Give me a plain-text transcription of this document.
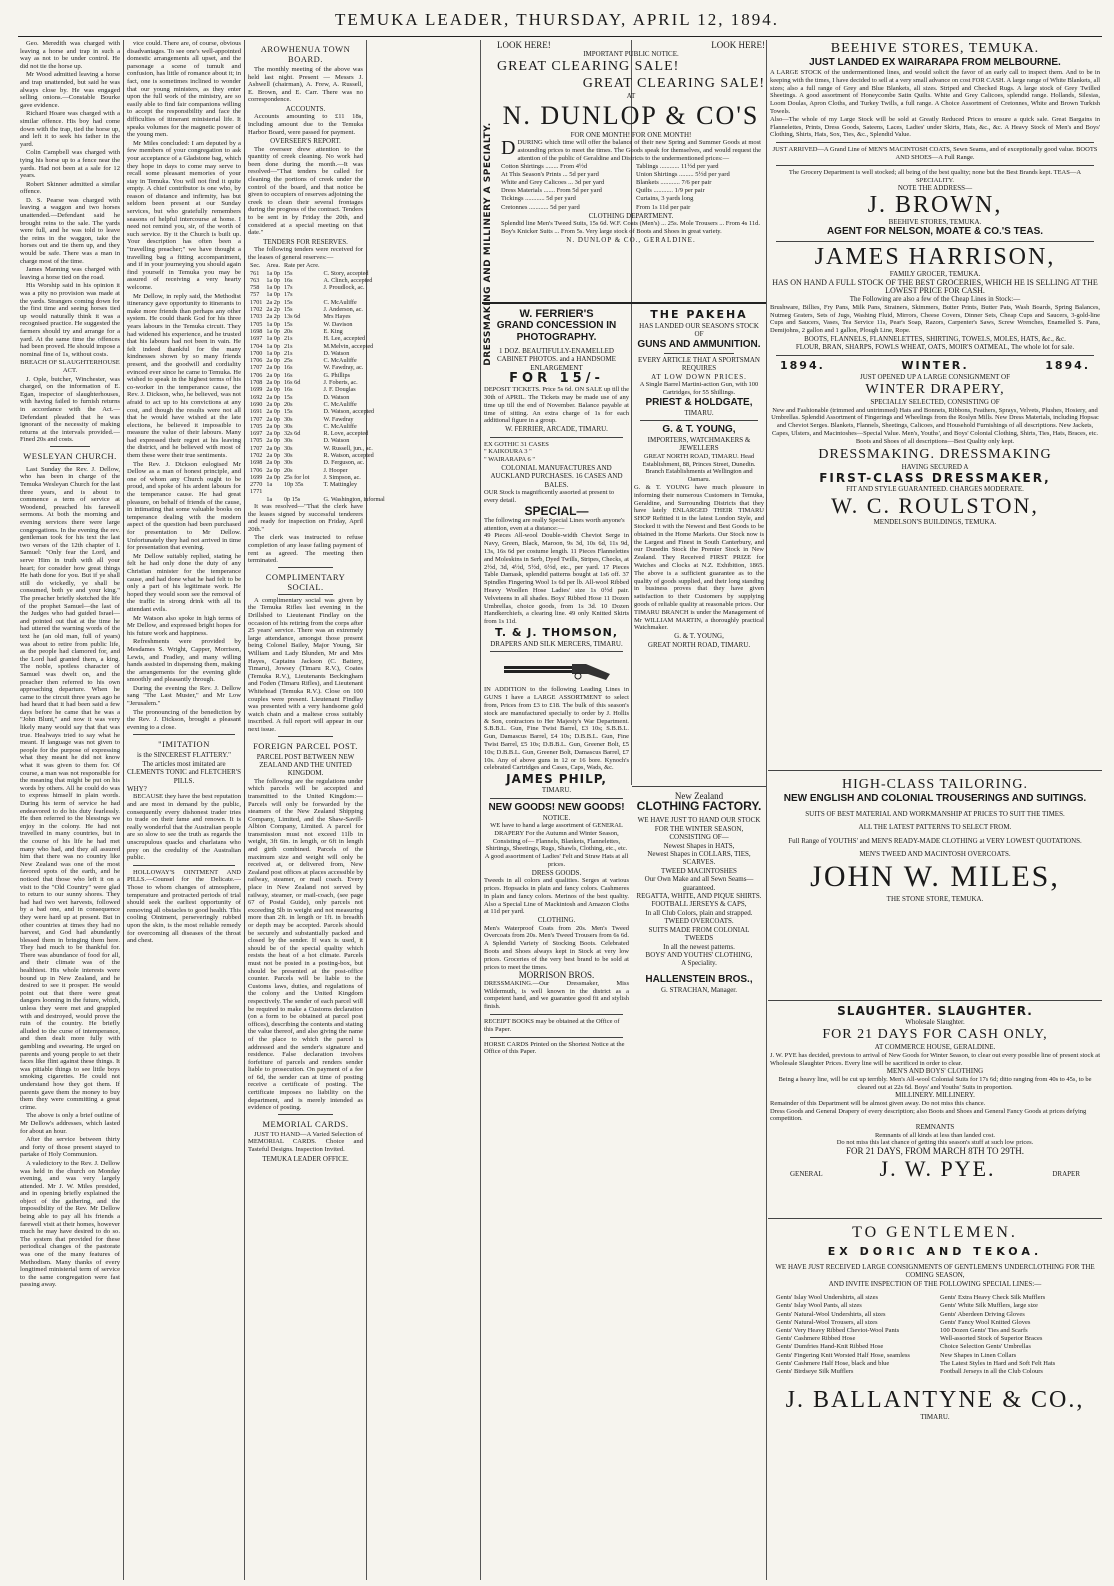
TEMUKA LEADER, THURSDAY, APRIL 12, 1894.

Geo. Meredith was charged with leaving a horse and trap in such a way as not to be under control. He did not tie the horse up.

Mr Wood admitted leaving a horse and trap unattended, but said he was always close by. He was engaged selling onions.—Constable Bourke gave evidence.

Richard Hoare was charged with a similar offence. His boy had come down with the trap, tied the horse up, and left it to seek his father in the yard.

Colin Campbell was charged with tying his horse up to a fence near the yards. Had not been at a sale for 12 years.

Robert Skinner admitted a similar offence.

D. S. Pearse was charged with leaving a waggon and two horses unattended.—Defendant said he brought reins to the sale. The yards were full, and he was told to leave the reins in the waggon, take the horses out and tie them up, and they would be safe. There was a man in charge most of the time.

James Manning was charged with leaving a horse tied on the road.

His Worship said in his opinion it was a pity no provision was made at the yards. Strangers coming down for the first time and seeing horses tied up would naturally think it was a recognised practice. He suggested the farmers should try and arrange for a yard. At the same time the offences had been proved. He should impose a nominal fine of 1s, without costs.

BREACH OF SLAUGHTERHOUSE ACT.

J. Ople, butcher, Winchester, was charged, on the information of E. Egan, inspector of slaughterhouses, with having failed to furnish returns in accordance with the Act.—Defendant pleaded that he was ignorant of the necessity of making returns at the intervals provided.—Fined 20s and costs.

WESLEYAN CHURCH.

Last Sunday the Rev. J. Dellow, who has been in charge of the Temuka Wesleyan Church for the last three years, and is about to commence a term of service at Woodend, preached his farewell sermons. At both the morning and evening services there were large congregations. In the evening the rev. gentleman took for his text the last two verses of the 12th chapter of I. Samuel: "Only fear the Lord, and serve Him in truth with all your heart; for consider how great things He hath done for you. But if ye shall still do wickedly, ye shall be consumed, both ye and your king." The preacher briefly sketched the life of the prophet Samuel—the last of the Judges who had guided Israel—and pointed out that at the time he had uttered the warning words of the text he (an old man, full of years) was about to retire from public life, as the people had clamored for, and the Lord had granted them, a king. The noble, spotless character of Samuel was dwelt on, and the preacher then referred to his own approaching departure. When he came to the circuit three years ago he had heard that it had been said a few days before he came that he was a "John Blunt," and now it was very likely many would say that that was true. Healways tried to say what he meant. If language was not given to people for the purpose of expressing what they meant he did not know what it was given to them for. Of course, a man was not responsible for the meaning that might be put on his words by others. All he could do was to express himself in plain words. During his term of service he had endeavored to do his duty fearlessly. He then referred to the blessings we enjoy in the colony. He had not travelled in many countries, but in the course of his life he had met many who had, and they all assured him that there was no country like New Zealand was one of the most favored spots of the earth, and he noticed that those who left it on a visit to the "Old Country" were glad to return to our sunny shores. They had had two wet harvests, followed by a bad one, and in consequence they were hard up at present. But in other countries at times they had no harvest, and God had abundantly blessed them in bringing them here. They had much to be thankful for. There was abundance of food for all, and their climate was of the healthiest. His whole interests were bound up in New Zealand, and he desired to see it prosper. He would point out that there were great dangers looming in the future, which, unless they were met and grappled with and destroyed, would prove the ruin of the country. He briefly alluded to the curse of intemperance, and then dealt more fully with gambling and swearing. He urged on parents and young people to set their faces like flint against these things. It was pitiable things to see little boys smoking cigarettes. He could not understand how they got them. If parents gave them the money to buy them they were committing a great crime.

The above is only a brief outline of Mr Dellow's addresses, which lasted for about an hour.

After the service between thirty and forty of those present stayed to partake of Holy Communion.

A valedictory to the Rev. J. Dellow was held in the church on Monday evening, and was very largely attended. Mr J. W. Miles presided, and in opening briefly explained the object of the gathering, and the impossibility of the Rev. Mr Dellow being able to pay all his friends a farewell visit at their homes, however much he may have desired to do so. The system that provided for these periodical changes of the pastorate was one of the many features of Methodism. Many thanks of every longtimed ministerial term of service to the same congregation were fast passing away.

vice could. There are, of course, obvious disadvantages. To see one's well-appointed domestic arrangements all upset, and the parsonage a scene of tumult and confusion, has little of romance about it; in fact, one is sometimes inclined to wonder that our young ministers, as they enter upon the full work of the ministry, are so easily able to find fair companions willing to accept the responsibility and face the difficulties of itinerant ministerial life. It speaks volumes for the magnetic power of the young men.

Mr Miles concluded: I am deputed by a few members of your congregation to ask your acceptance of a Gladstone bag, which they hope in days to come may serve to recall some pleasant memories of your stay in Temuka. You will not find it quite empty. A chief contributor is one who, by reason of distance and infirmity, has but seldom been present at our Sunday services, but who gratefully remembers seasons of helpful intercourse at home. I need not remind you, sir, of the worth of such service. By it the Church is built up. Your description has often been a "travelling preacher;" we have thought a travelling bag a fitting accompaniment, and if in your journeying you should again find yourself in Temuka you may be assured of receiving a very hearty welcome.

Mr Dellow, in reply said, the Methodist itinerancy gave opportunity to itinerants to make more friends than perhaps any other system. He could thank God for his three years labours in the Temuka circuit. They had widened his experience, and he trusted that his labours had not been in vain. He felt indeed thankful for the many kindnesses shown by so many friends present, and the goodwill and cordiality evinced ever since he came to Temuka. He wished to speak in the highest terms of his co-worker in the temperance cause, the Rev. J. Dickson, who, he believed, was not afraid to act up to his convictions at any cost, and though the results were not all that he would have wished at the late elections, he believed it impossible to measure the value of their labours. Many had expressed their regret at his leaving the district, and he believed with most of them these were their true sentiments.

The Rev. J. Dickson eulogised Mr Dellow as a man of honest principle, and one of whom any Church ought to be proud, and spoke of his ardent labours for the temperance cause. He had great pleasure, on behalf of friends of the cause, in intimating that some valuable books on temperance dealing with the modern aspect of the question had been purchased for presentation to Mr Dellow. Unfortunately they had not arrived in time for presentation that evening.

Mr Dellow suitably replied, stating he felt he had only done the duty of any Christian minister for the temperance cause, and had done what he had felt to be only a part of his legitimate work. He hoped they would soon see the removal of the traffic in strong drink with all its attendant evils.

Mr Watson also spoke in high terms of Mr Dellow, and expressed bright hopes for his future work and happiness.

Refreshments were provided by Mesdames S. Wright, Capper, Morrison, Lewis, and Fradley, and many willing hands assisted in dispensing them, making the arrangements for the evening glide smoothly and pleasantly through.

During the evening the Rev. J. Dellow sang "The Last Muster," and Mr Low "Jerusalem."

The pronouncing of the benediction by the Rev. J. Dickson, brought a pleasant evening to a close.

"IMITATION
is the SINCEREST FLATTERY."
The articles most imitated are CLEMENTS TONIC and FLETCHER'S PILLS.
WHY?

BECAUSE they have the best reputation and are most in demand by the public, consequently every dishonest trader tries to trade on their fame and renown. It is really wonderful that the Australian people are so slow to see the truth as regards the unscrupulous quacks and charlatans who prey on the credulity of the Australian public.

HOLLOWAY'S OINTMENT AND PILLS.—Counsel for the Delicate.—Those to whom changes of atmosphere, temperature and protracted periods of trial should seek the earliest opportunity of removing all obstacles to good health. This cooling Ointment, perseveringly rubbed upon the skin, is the most reliable remedy for overcoming all diseases of the throat and chest.

AROWHENUA TOWN BOARD.

The monthly meeting of the above was held last night. Present — Messrs J. Ashwell (chairman), A. Frew, A. Russell, E. Brown, and E. Carr. There was no correspondence.

ACCOUNTS.

Accounts amounting to £11 18s, including amount due to the Temuka Harbor Board, were passed for payment.

OVERSEER'S REPORT.

The overseer drew attention to the quantity of creek cleaning. No work had been done during the month.—It was resolved—"That tenders be called for cleaning the portions of creek under the control of the board, and that notice be given to occupiers of reserves adjoining the creek to clean their several frontages during the progress of the contract. Tenders to be sent in by Friday the 20th, and considered at a special meeting on that date."

TENDERS FOR RESERVES.

The following tenders were received for the leases of general reserves:—

Sec.	Area.	Rate per Acre.	
761	1a 0p	15s	C. Story, accepted
763	1a 0p	16s	A. Clinch, accepted
758	1a 0p	17s	J. Proudlock, ac.
757	1a 0p	17s	
1701	2a 2p	15s	C. McAuliffe
1702	2a 2p	15s	J. Anderson, ac.
1703	2a 2p	13s 6d	Mrs Hayes
1705	1a 0p	15s	W. Davison
1698	1a 0p	20s	E. King
1697	1a 0p	21s	H. Lee, accepted
1704	1a 0p	21s	M.Melvin, accepted
1700	1a 0p	21s	D. Watson
1706	2a 0p	25s	C. McAuliffe
1707	2a 0p	16s	W. Fawdray, ac.
1706	2a 0p	16s	G. Phillips
1708	2a 0p	16s 6d	J. Foberts, ac.
1699	2a 0p	16s	J. F. Douglas
1692	2a 0p	15s	D. Watson
1690	2a 0p	20s	C. McAuliffe
1691	2a 0p	15s	D. Watson, accepted
1707	2a 0p	30s	W. Fawdray
1705	2a 0p	30s	C. McAuliffe
1697	2a 0p	32s 6d	R. Love, accepted
1705	2a 0p	30s	D. Watson
1707	2a 0p	30s	W. Russell, jun., ac.
1702	2a 0p	30s	R. Watson, accepted
1698	2a 0p	30s	D. Ferguson, ac.
1706	2a 0p	20s	J. Hooper
1699	2a 0p	25s for lot	J. Simpson, ac.
2770	1a	10p 35s	T. Mattingley
1771			
	1a	0p 15s	G. Washington, informal

It was resolved—"That the clerk have the leases signed by successful tenderers and ready for inspection on Friday, April 20th."

The clerk was instructed to refuse completion of any lease failing payment of rent as agreed. The meeting then terminated.

COMPLIMENTARY SOCIAL.

A complimentary social was given by the Temuka Rifles last evening in the Drillshed to Lieutenant Findlay on the occasion of his retiring from the corps after 25 years' service. There was an extremely large attendance, amongst those present being Colonel Bailey, Major Young, Sir William and Lady Blunden, Mr and Mrs Hayes, Captains Jackson (C. Battery, Timaru), Jowsey (Timaru R.V.), Coates (Temuka R.V.), Lieutenants Beckingham and Foden (Timaru Rifles), and Lieutenant Whitehead (Temuka R.V.). Close on 100 couples were present. Lieutenant Findlay was presented with a very handsome gold watch chain and a maltese cross suitably inscribed. A full report will appear in our next issue.

FOREIGN PARCEL POST.
PARCEL POST BETWEEN NEW ZEALAND AND THE UNITED KINGDOM.

The following are the regulations under which parcels will be accepted and transmitted to the United Kingdom:— Parcels will only be forwarded by the steamers of the New Zealand Shipping Company, Limited, and the Shaw-Savill-Albion Company, Limited. A parcel for transmission must not exceed 11lb in weight, 3ft 6in. in length, or 6ft in length and girth combined. Parcels of the maximum size and weight will only be received at, or delivered from, New Zealand post offices at places accessible by railway, steamer, or mail coach. Every place in New Zealand not served by railway, steamer, or mail-coach, (see page 67 of Postal Guide), only parcels not exceeding 5lb in weight and not measuring more than 2ft. in length or 1ft. in breadth or depth may be accepted. Parcels should be securely and substantially packed and closed by the sender. If wax is used, it should be of the special quality which resists the heat of a hot climate. Parcels must not be posted in a posting-box, but should be presented at the post-office counter. Parcels will be liable to the Customs laws, duties, and regulations of the colony and the United Kingdom respectively. The sender of each parcel will be required to make a Customs declaration (on a form to be obtained at parcel post offices), describing the contents and stating the value thereof, and also giving the name of the place to which the parcel is addressed and the sender's signature and residence. False declaration involves forfeiture of parcels and renders sender liable to prosecution. On payment of a fee of 6d, the sender can at time of posting receive a certificate of posting. The certificate imposes no liability on the department, and is merely intended as evidence of posting.

MEMORIAL CARDS.

JUST TO HAND—A Varied Selection of MEMORIAL CARDS. Choice and Tasteful Designs. Inspection Invited.

TEMUKA LEADER OFFICE.
DRESSMAKING AND MILLINERY A SPECIALTY.
LOOK HERE!	LOOK HERE!
IMPORTANT PUBLIC NOTICE.
GREAT CLEARING SALE!
GREAT CLEARING SALE!
AT
N. DUNLOP & CO'S
FOR ONE MONTH! FOR ONE MONTH!
DDURING which time will offer the balance of their new Spring and Summer Goods at most astounding prices to meet the times. The Goods speak for themselves, and would request the attention of the public of Geraldine and Districts to the undermentioned prices:—
Cotton Shirtings ........ From 4½d
At This Season's Prints ... 5d per yard
White and Grey Calicoes ... 3d per yard
Dress Materials ....... From 5d per yard
Tickings ............ 5d per yard
Cretonnes ............ 5d per yard
Tablings ............ 11½d per yard
Union Shirtings ......... 5½d per yard
Blankets ............ 7/6 per pair
Quilts ............ 1/9 per pair
Curtains, 3 yards long
From 1s 11d per pair
CLOTHING DEPARTMENT.
Splendid line Men's Tweed Suits, 15s 6d. W.F. Coats (Men's) ... 25s. Mole Trousers ... From 4s 11d. Boy's Knicker Suits ... From 5s. Very large stock of Boots and Shoes in great variety.
N. DUNLOP & CO., GERALDINE.
W. FERRIER'S
GRAND CONCESSION IN PHOTOGRAPHY.
1 DOZ. BEAUTIFULLY-ENAMELLED CABINET PHOTOS. and a HANDSOME ENLARGEMENT
FOR 15/-
DEPOSIT TICKETS. Price 5s 6d. ON SALE up till the 30th of APRIL. The Tickets may be made use of any time up till the end of November. Balance payable at time of sitting. An extra charge of 1s for each additional figure in a group.
W. FERRIER, ARCADE, TIMARU.
EX GOTHIC 31 CASES
" KAIKOURA 3 "
" WAIRARAPA 6 "
COLONIAL MANUFACTURES AND AUCKLAND PURCHASES. 16 CASES AND BALES.
OUR Stock is magnificently assorted at present to every detail.
SPECIAL—
The following are really Special Lines worth anyone's attention, even at a distance:—
49 Pieces All-wool Double-width Cheviot Serge in Navy, Green, Black, Maroon, 9s 3d, 10s 6d, 11s 9d, 13s, 16s 6d per costume length. 11 Pieces Flannelettes and Moleskins in Serb, Dyed Twills, Stripes, Checks, at 2½d, 3d, 4½d, 5½d, 6½d, etc., per yard. 17 Pieces Table Damask, splendid patterns bought at 1s6 off. 37 Spindles Fingering Wool 1s 6d per lb. All-wool Ribbed Heavy Woollen Hose Ladies' size 1s 0½d pair. Velveteens in all shades. Boys' Ribbed Hose 11 Dozen Umbrellas, choice goods, from 1s 3d. 10 Dozen Handkerchiefs, a clearing line. 49 only Knitted Skirts from 1s 11d.
T. & J. THOMSON,
DRAPERS AND SILK MERCERS, TIMARU.
IN ADDITION to the following Leading Lines in GUNS I have a LARGE ASSORTMENT to select from, Prices from £3 to £18. The bulk of this season's stock are manufactured specially to order by J. Hollis & Son, contractors to Her Majesty's War Department. S.B.B.L. Gun, Fine Twist Barrel, £3 10s; S.B.B.L. Gun, Damascus Barrel, £4 10s; D.B.B.L. Gun, Fine Twist Barrel, £5 10s; D.B.B.L. Gun, Greener Bolt, £5 10s; D.B.B.L. Gun, Greener Bolt, Damascus Barrel, £7 10s. Any of above guns in 12 or 16 bore. Kynoch's celebrated Cartridges and Cases, Caps, Wads, &c.
JAMES PHILP,
TIMARU.
NEW GOODS! NEW GOODS!
NOTICE.
WE have to hand a large assortment of GENERAL DRAPERY For the Autumn and Winter Season, Consisting of— Flannels, Blankets, Flannelettes, Shirtings, Sheetings, Rugs, Shawls, Clothing, etc., etc. A good assortment of Ladies' Felt and Straw Hats at all prices.
DRESS GOODS.
Tweeds in all colors and qualities. Serges at various prices. Hopsacks in plain and fancy colors. Cashmeres in plain and fancy colors. Merinos of the best quality. Also a Special Line of Mackintosh and Amazon Cloths at 11d per yard.
CLOTHING.
Men's Waterproof Coats from 20s. Men's Tweed Overcoats from 20s. Men's Tweed Trousers from 6s 6d. A Splendid Variety of Stocking Boots. Celebrated Boots and Shoes always kept in Stock at very low prices. Groceries of the very best brand to be sold at prices to meet the times.
MORRISON BROS.
DRESSMAKING.—Our Dressmaker, Miss Wildermuth, is well known in the district as a competent hand, and we guarantee good fit and stylish finish.
RECEIPT BOOKS may be obtained at the Office of this Paper.
HORSE CARDS Printed on the Shortest Notice at the Office of this Paper.
THE PAKEHA
HAS LANDED OUR SEASON'S STOCK OF
GUNS AND AMMUNITION.
EVERY ARTICLE THAT A SPORTSMAN REQUIRES
AT LOW DOWN PRICES.
A Single Barrel Martini-action Gun, with 100 Cartridges, for 55 Shillings.
PRIEST & HOLDGATE,
TIMARU.
G. & T. YOUNG,
IMPORTERS, WATCHMAKERS & JEWELLERS
GREAT NORTH ROAD, TIMARU. Head Establishment, 88, Princes Street, Dunedin. Branch Establishments at Wellington and Oamaru.
G. & T. YOUNG have much pleasure in informing their numerous Customers in Temuka, Geraldine, and Surrounding Districts that they have lately ENLARGED THEIR TIMARU SHOP Refitted it in the latest London Style, and Stocked it with the Newest and Best Goods to be obtained in the Home Markets. Our Stock now is the Largest and Finest in South Canterbury, and our Dunedin Stock the Premier Stock in New Zealand. They Received FIRST PRIZE for Watches and Clocks at N.Z. Exhibition, 1865. The above is a sufficient guarantee as to the quality of goods supplied, and their long standing in business proves that they have given satisfaction to their Customers by supplying goods of reliable quality at reasonable prices. Our TIMARU BRANCH is under the Management of Mr WILLIAM MARTIN, a thoroughly practical Watchmaker.
G. & T. YOUNG,
GREAT NORTH ROAD, TIMARU.
New Zealand
CLOTHING FACTORY.
WE HAVE JUST TO HAND OUR STOCK
FOR THE WINTER SEASON,
CONSISTING OF—
Newest Shapes in HATS,
Newest Shapes in COLLARS, TIES, SCARVES.
TWEED MACINTOSHES
Our Own Make and all Sewn Seams—guaranteed.
REGATTA, WHITE, AND PIQUE SHIRTS.
FOOTBALL JERSEYS & CAPS,
In all Club Colors, plain and strapped.
TWEED OVERCOATS.
SUITS MADE FROM COLONIAL TWEEDS
In all the newest patterns.
BOYS' AND YOUTHS' CLOTHING,
A Speciality.
HALLENSTEIN BROS.,
G. STRACHAN, Manager.
BEEHIVE STORES, TEMUKA.
JUST LANDED EX WAIRARAPA FROM MELBOURNE.
A LARGE STOCK of the undermentioned lines, and would solicit the favor of an early call to inspect them. And to be in keeping with the times, I have decided to sell at a very small advance on cost FOR CASH. A large range of White Blankets, all sizes; also a full range of Grey and Blue Blankets, all sizes. Striped and Checked Rugs. A large stock of Grey Twilled Sheetings. A good assortment of Honeycombe Satin Quilts. White and Grey Calicoes, splendid range. Hollands, Silesias, Loom Doulas, Apron Cloths, and Turkey Twills, a full range. A Choice Assortment of Cretonnes, White and Brown Turkish Towels.
Also—The whole of my Large Stock will be sold at Greatly Reduced Prices to ensure a quick sale. Great Bargains in Flannelettes, Prints, Dress Goods, Sateens, Laces, Ladies' under Skirts, Hats, &c., &c. A Heavy Stock of Men's and Boys' Clothing, Shirts, Hats, Sox, Ties, &c., Splendid Value.
JUST ARRIVED—A Grand Line of MEN'S MACINTOSH COATS, Sewn Seams, and of exceptionally good value. BOOTS AND SHOES—A Full Range.
The Grocery Department is well stocked; all being of the best quality; none but the Best Brands kept. TEAS—A SPECIALITY.
NOTE THE ADDRESS—
J. BROWN,
BEEHIVE STORES, TEMUKA.
AGENT FOR NELSON, MOATE & CO.'S TEAS.
JAMES HARRISON,
FAMILY GROCER, TEMUKA.
HAS ON HAND A FULL STOCK OF THE BEST GROCERIES, WHICH HE IS SELLING AT THE LOWEST PRICE FOR CASH.
The Following are also a few of the Cheap Lines in Stock:—
Brushware, Billies, Fry Pans, Milk Pans, Strainers, Skimmers, Butter Prints, Butter Pats, Wash Boards, Spring Balances, Nutmeg Graters, Sets of Jugs, Washing Fluid, Mirrors, Cheese Covers, Dinner Sets, Cheap Cups and Saucers, 3-gold-line Cups and Saucers, Vases, Tea Service 11s, Pear's Soap, Razors, Carpenter's Saws, Screw Wrenches, Enamelled S. Pans, Demijohns, 2 gallon and 1 gallon, Plough Line, Rope.
BOOTS, FLANNELS, FLANNELETTES, SHIRTING, TOWELS, MOLES, HATS, &c., &c.
FLOUR, BRAN, SHARPS, FOWLS WHEAT, OATS, MOIR'S OATMEAL, The whole lot for sale.
1894.	WINTER.	1894.
JUST OPENED UP A LARGE CONSIGNMENT OF
WINTER DRAPERY,
SPECIALLY SELECTED, CONSISTING OF
New and Fashionable (trimmed and untrimmed) Hats and Bonnets, Ribbons, Feathers, Sprays, Velvets, Plushes, Hosiery, and Umbrellas. Splendid Assortment of Fingerings and Wheelings from the Roslyn Mills. New Dress Materials, including Hopsac and Cheviot Serges. Blankets, Flannels, Sheetings, Calicoes, and Household Furnishings of all descriptions. New Jackets, Capes, Ulsters, and Macintoshes—Special Value. Men's, Youths', and Boys' Colonial Clothing, Shirts, Ties, Hats, Braces, etc. Boots and Shoes of all descriptions—Best Quality only kept.
DRESSMAKING. DRESSMAKING
HAVING SECURED A
FIRST-CLASS DRESSMAKER,
FIT AND STYLE GUARANTEED. CHARGES MODERATE.
W. C. ROULSTON,
MENDELSON'S BUILDINGS, TEMUKA.
HIGH-CLASS TAILORING.
NEW ENGLISH AND COLONIAL TROUSERINGS AND SUITINGS.
SUITS OF BEST MATERIAL AND WORKMANSHIP AT PRICES TO SUIT THE TIMES.
ALL THE LATEST PATTERNS TO SELECT FROM.
Full Range of YOUTHS' and MEN'S READY-MADE CLOTHING at VERY LOWEST QUOTATIONS.
MEN'S TWEED AND MACINTOSH OVERCOATS.
JOHN W. MILES,
THE STONE STORE, TEMUKA.
SLAUGHTER. SLAUGHTER.
Wholesale Slaughter.
FOR 21 DAYS FOR CASH ONLY,
AT COMMERCE HOUSE, GERALDINE.
J. W. PYE has decided, previous to arrival of New Goods for Winter Season, to clear out every possible line of present stock at Wholesale Slaughter Prices. Every line will be sacrificed in order to clear.
MEN'S AND BOYS' CLOTHING
Being a heavy line, will be cut up terribly. Men's All-wool Colonial Suits for 17s 6d; ditto ranging from 40s to 45s, to be cleared out at 22s 6d. Boys' and Youths' Suits in proportion.
MILLINERY. MILLINERY.
Remainder of this Department will be almost given away. Do not miss this chance.
Dress Goods and General Drapery of every description; also Boots and Shoes and General Fancy Goods at prices defying competition.
REMNANTS
Remnants of all kinds at less than landed cost.
Do not miss this last chance of getting this season's stuff at such low prices.
FOR 21 DAYS, FROM MARCH 8TH TO 29TH.
GENERAL	J. W. PYE.	DRAPER
TO GENTLEMEN.
EX DORIC AND TEKOA.
WE HAVE JUST RECEIVED LARGE CONSIGNMENTS OF GENTLEMEN'S UNDERCLOTHING FOR THE COMING SEASON,
AND INVITE INSPECTION OF THE FOLLOWING SPECIAL LINES:—
Gents' Islay Wool Undershirts, all sizes
Gents' Islay Wool Pants, all sizes
Gents' Natural-Wool Undershirts, all sizes
Gents' Natural-Wool Trousers, all sizes
Gents' Very Heavy Ribbed Cheviot-Wool Pants
Gents' Cashmere Ribbed Hose
Gents' Dumfries Hand-Knit Ribbed Hose
Gents' Fingering Knit Worsted Half Hose, seamless
Gents' Cashmere Half Hose, black and blue
Gents' Birdseye Silk Mufflers
Gents' Extra Heavy Check Silk Mufflers
Gents' White Silk Mufflers, large size
Gents' Aberdeen Driving Gloves
Gents' Fancy Wool Knitted Gloves
100 Dozen Gents' Ties and Scarfs
Well-assorted Stock of Superior Braces
Choice Selection Gents' Umbrellas
New Shapes in Linen Collars
The Latest Styles in Hard and Soft Felt Hats
Football Jerseys in all the Club Colours
J. BALLANTYNE & CO.,
TIMARU.
